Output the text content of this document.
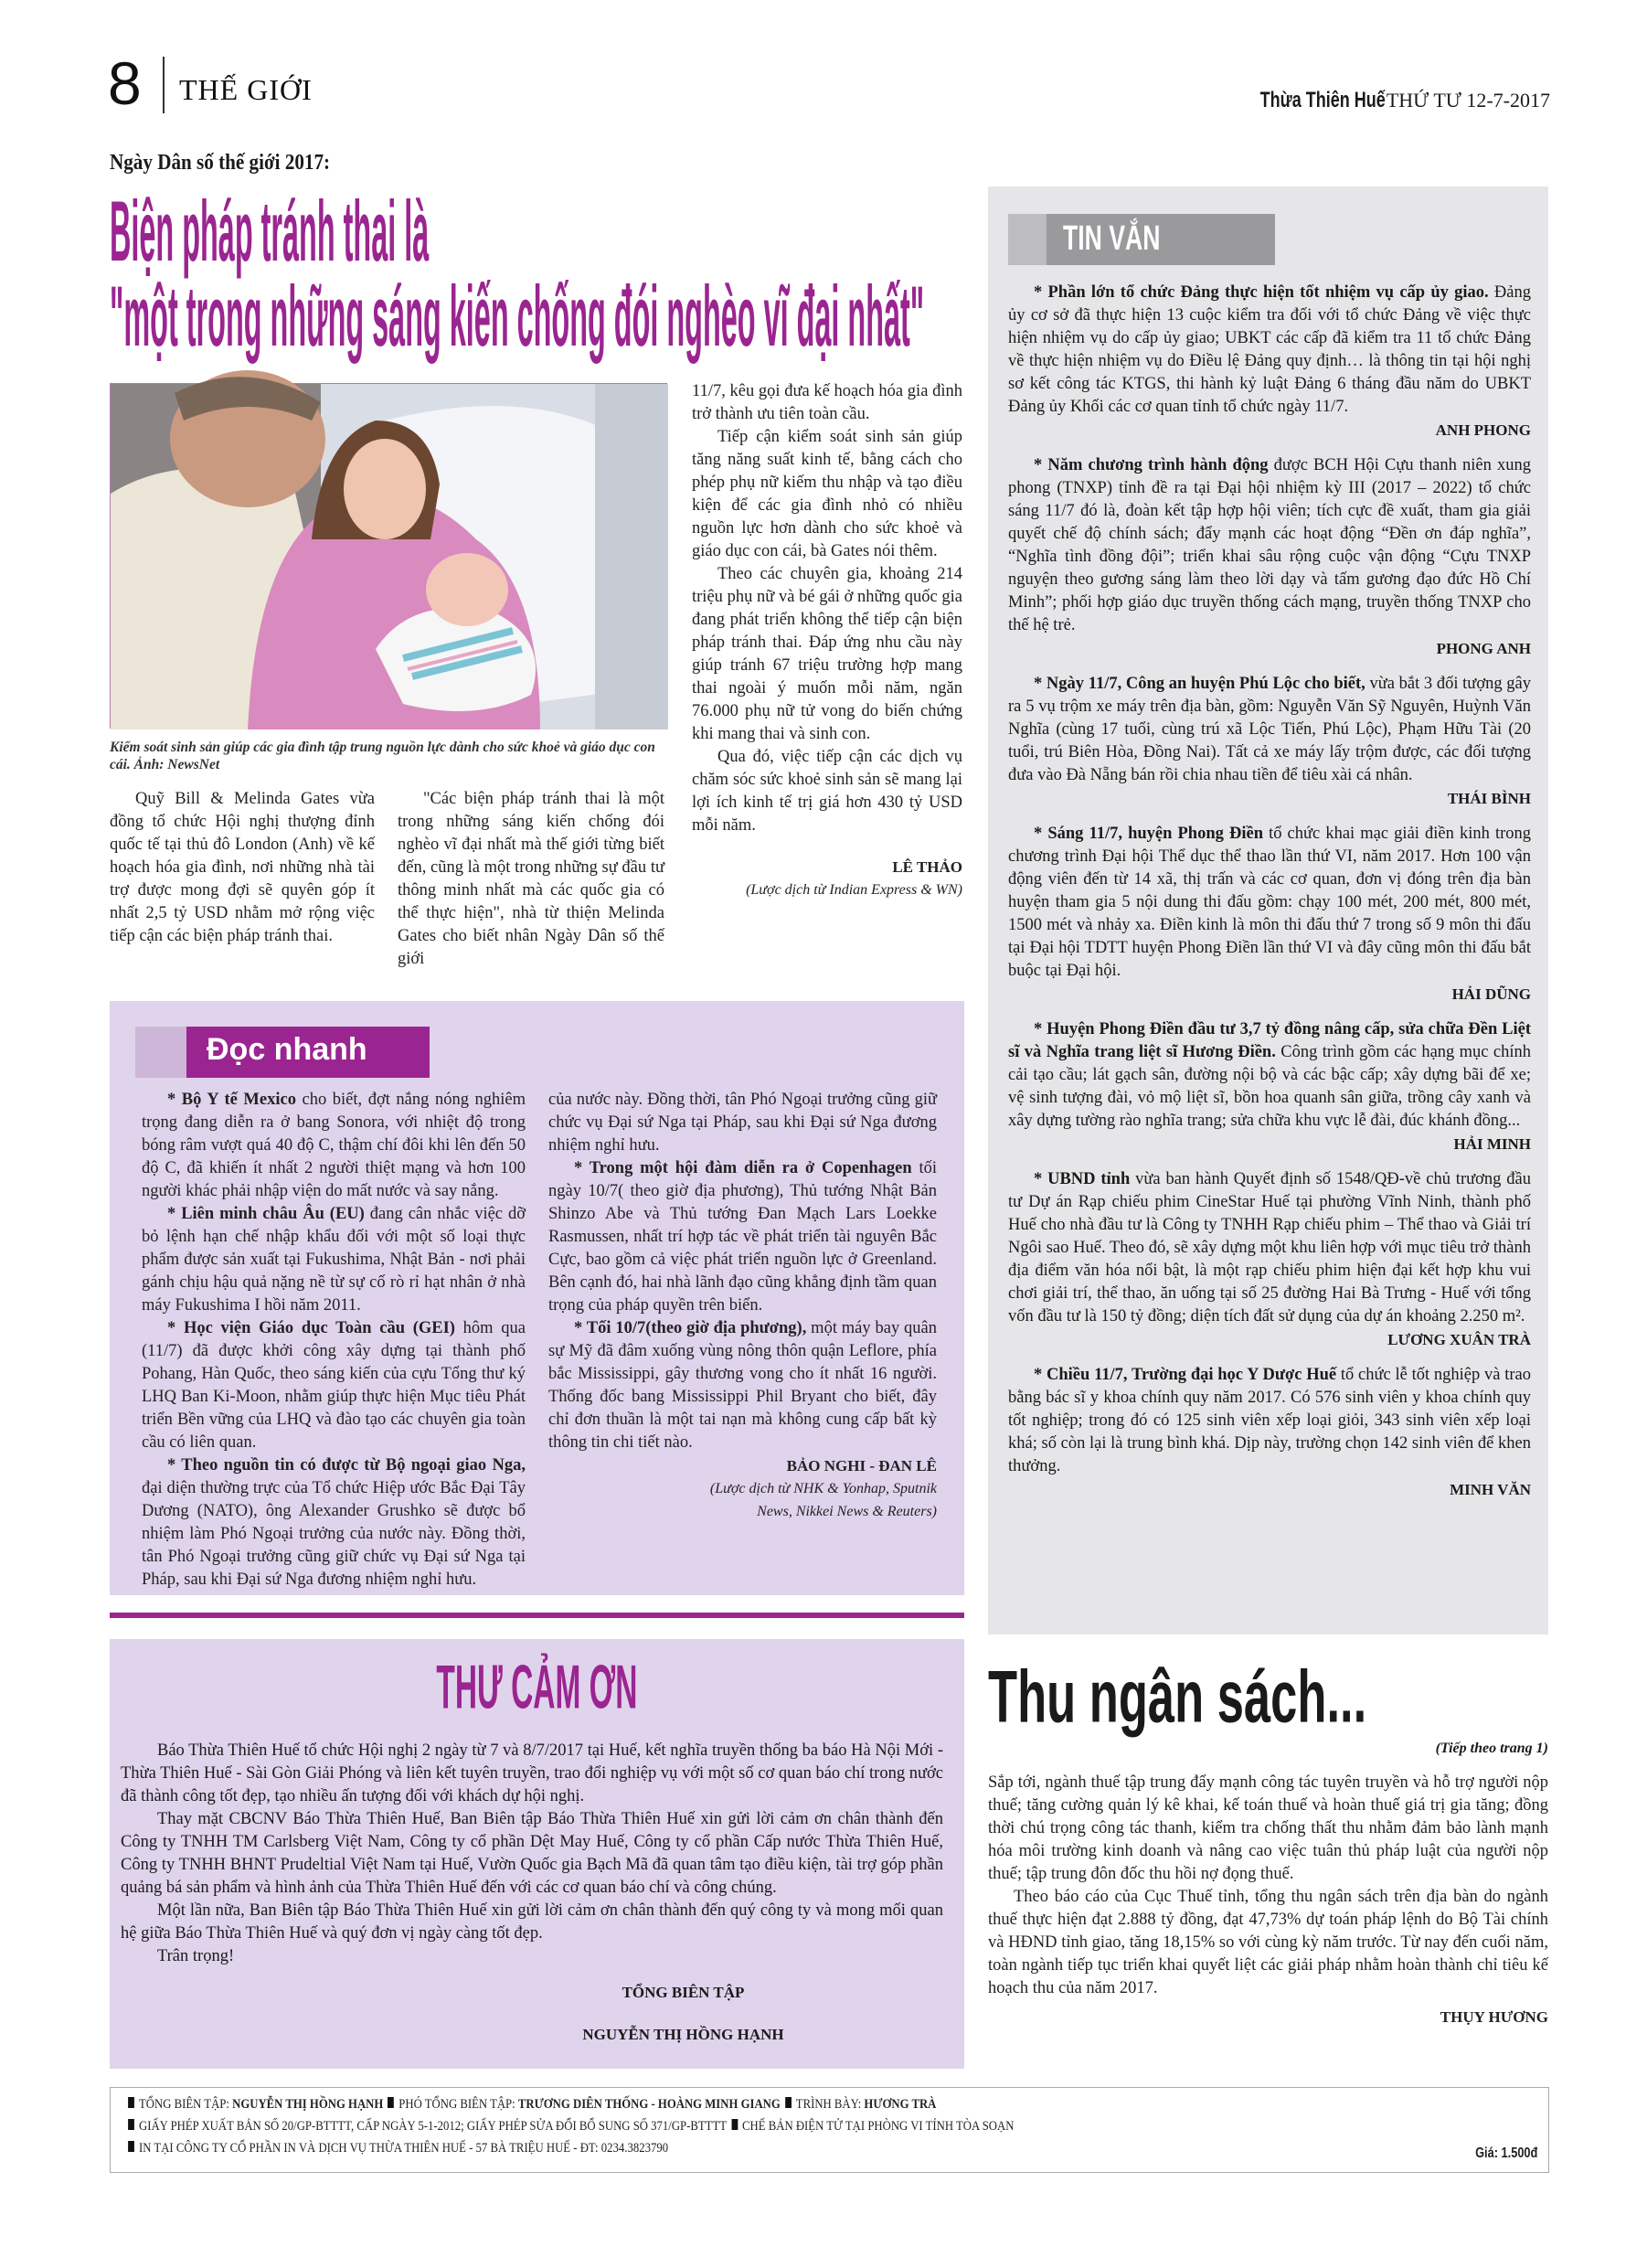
8 THẾ GIỚI	Thừa Thiên Huế THỨ TƯ 12-7-2017
Ngày Dân số thế giới 2017:
Biện pháp tránh thai là
"một trong những sáng kiến chống đói nghèo vĩ đại nhất"
Kiểm soát sinh sản giúp các gia đình tập trung nguồn lực dành cho sức khoẻ và giáo dục con cái. Ảnh: NewsNet

Quỹ Bill & Melinda Gates vừa đồng tổ chức Hội nghị thượng đỉnh quốc tế tại thủ đô London (Anh) về kế hoạch hóa gia đình, nơi những nhà tài trợ được mong đợi sẽ quyên góp ít nhất 2,5 tỷ USD nhằm mở rộng việc tiếp cận các biện pháp tránh thai.

"Các biện pháp tránh thai là một trong những sáng kiến chống đói nghèo vĩ đại nhất mà thế giới từng biết đến, cũng là một trong những sự đầu tư thông minh nhất mà các quốc gia có thể thực hiện", nhà từ thiện Melinda Gates cho biết nhân Ngày Dân số thế giới

11/7, kêu gọi đưa kế hoạch hóa gia đình trở thành ưu tiên toàn cầu.

Tiếp cận kiểm soát sinh sản giúp tăng năng suất kinh tế, bằng cách cho phép phụ nữ kiếm thu nhập và tạo điều kiện để các gia đình nhỏ có nhiều nguồn lực hơn dành cho sức khoẻ và giáo dục con cái, bà Gates nói thêm.

Theo các chuyên gia, khoảng 214 triệu phụ nữ và bé gái ở những quốc gia đang phát triển không thể tiếp cận biện pháp tránh thai. Đáp ứng nhu cầu này giúp tránh 67 triệu trường hợp mang thai ngoài ý muốn mỗi năm, ngăn 76.000 phụ nữ tử vong do biến chứng khi mang thai và sinh con.

Qua đó, việc tiếp cận các dịch vụ chăm sóc sức khoẻ sinh sản sẽ mang lại lợi ích kinh tế trị giá hơn 430 tỷ USD mỗi năm.

LÊ THẢO
(Lược dịch từ Indian Express & WN)
Đọc nhanh

* Bộ Y tế Mexico cho biết, đợt nắng nóng nghiêm trọng đang diễn ra ở bang Sonora, với nhiệt độ trong bóng râm vượt quá 40 độ C, thậm chí đôi khi lên đến 50 độ C, đã khiến ít nhất 2 người thiệt mạng và hơn 100 người khác phải nhập viện do mất nước và say nắng.

* Liên minh châu Âu (EU) đang cân nhắc việc dỡ bỏ lệnh hạn chế nhập khẩu đối với một số loại thực phẩm được sản xuất tại Fukushima, Nhật Bản - nơi phải gánh chịu hậu quả nặng nề từ sự cố rò rỉ hạt nhân ở nhà máy Fukushima I hồi năm 2011.

* Học viện Giáo dục Toàn cầu (GEI) hôm qua (11/7) đã được khởi công xây dựng tại thành phố Pohang, Hàn Quốc, theo sáng kiến của cựu Tổng thư ký LHQ Ban Ki-Moon, nhằm giúp thực hiện Mục tiêu Phát triển Bền vững của LHQ và đào tạo các chuyên gia toàn cầu có liên quan.

* Theo nguồn tin có được từ Bộ ngoại giao Nga, đại diện thường trực của Tổ chức Hiệp ước Bắc Đại Tây Dương (NATO), ông Alexander Grushko sẽ được bổ nhiệm làm Phó Ngoại trưởng của nước này. Đồng thời, tân Phó Ngoại trưởng cũng giữ chức vụ Đại sứ Nga tại Pháp, sau khi Đại sứ Nga đương nhiệm nghỉ hưu.

của nước này. Đồng thời, tân Phó Ngoại trưởng cũng giữ chức vụ Đại sứ Nga tại Pháp, sau khi Đại sứ Nga đương nhiệm nghỉ hưu.

* Trong một hội đàm diễn ra ở Copenhagen tối ngày 10/7( theo giờ địa phương), Thủ tướng Nhật Bản Shinzo Abe và Thủ tướng Đan Mạch Lars Loekke Rasmussen, nhất trí hợp tác về phát triển tài nguyên Bắc Cực, bao gồm cả việc phát triển nguồn lực ở Greenland. Bên cạnh đó, hai nhà lãnh đạo cũng khẳng định tầm quan trọng của pháp quyền trên biển.

* Tối 10/7(theo giờ địa phương), một máy bay quân sự Mỹ đã đâm xuống vùng nông thôn quận Leflore, phía bắc Mississippi, gây thương vong cho ít nhất 16 người. Thống đốc bang Mississippi Phil Bryant cho biết, đây chỉ đơn thuần là một tai nạn mà không cung cấp bất kỳ thông tin chi tiết nào.

BẢO NGHI - ĐAN LÊ
(Lược dịch từ NHK & Yonhap, Sputnik News, Nikkei News & Reuters)
TIN VẮN

* Phần lớn tổ chức Đảng thực hiện tốt nhiệm vụ cấp ủy giao. Đảng ủy cơ sở đã thực hiện 13 cuộc kiểm tra đối với tổ chức Đảng về việc thực hiện nhiệm vụ do cấp ủy giao; UBKT các cấp đã kiểm tra 11 tổ chức Đảng về thực hiện nhiệm vụ do Điều lệ Đảng quy định… là thông tin tại hội nghị sơ kết công tác KTGS, thi hành kỷ luật Đảng 6 tháng đầu năm do UBKT Đảng ủy Khối các cơ quan tỉnh tổ chức ngày 11/7.

ANH PHONG

* Năm chương trình hành động được BCH Hội Cựu thanh niên xung phong (TNXP) tỉnh đề ra tại Đại hội nhiệm kỳ III (2017 – 2022) tổ chức sáng 11/7 đó là, đoàn kết tập hợp hội viên; tích cực đề xuất, tham gia giải quyết chế độ chính sách; đẩy mạnh các hoạt động “Đền ơn đáp nghĩa”, “Nghĩa tình đồng đội”; triển khai sâu rộng cuộc vận động “Cựu TNXP nguyện theo gương sáng làm theo lời dạy và tấm gương đạo đức Hồ Chí Minh”; phối hợp giáo dục truyền thống cách mạng, truyền thống TNXP cho thế hệ trẻ.

PHONG ANH

* Ngày 11/7, Công an huyện Phú Lộc cho biết, vừa bắt 3 đối tượng gây ra 5 vụ trộm xe máy trên địa bàn, gồm: Nguyễn Văn Sỹ Nguyên, Huỳnh Văn Nghĩa (cùng 17 tuổi, cùng trú xã Lộc Tiến, Phú Lộc), Phạm Hữu Tài (20 tuổi, trú Biên Hòa, Đồng Nai). Tất cả xe máy lấy trộm được, các đối tượng đưa vào Đà Nẵng bán rồi chia nhau tiền để tiêu xài cá nhân.

THÁI BÌNH

* Sáng 11/7, huyện Phong Điền tổ chức khai mạc giải điền kinh trong chương trình Đại hội Thể dục thể thao lần thứ VI, năm 2017. Hơn 100 vận động viên đến từ 14 xã, thị trấn và các cơ quan, đơn vị đóng trên địa bàn huyện tham gia 5 nội dung thi đấu gồm: chạy 100 mét, 200 mét, 800 mét, 1500 mét và nhảy xa. Điền kinh là môn thi đấu thứ 7 trong số 9 môn thi đấu tại Đại hội TDTT huyện Phong Điền lần thứ VI và đây cũng môn thi đấu bắt buộc tại Đại hội.

HẢI DŨNG

* Huyện Phong Điền đầu tư 3,7 tỷ đồng nâng cấp, sửa chữa Đền Liệt sĩ và Nghĩa trang liệt sĩ Hương Điền. Công trình gồm các hạng mục chính cải tạo cầu; lát gạch sân, đường nội bộ và các bậc cấp; xây dựng bãi để xe; vệ sinh tượng đài, vỏ mộ liệt sĩ, bồn hoa quanh sân giữa, trồng cây xanh và xây dựng tường rào nghĩa trang; sửa chữa khu vực lễ đài, đúc khánh đồng...

HẢI MINH

* UBND tỉnh vừa ban hành Quyết định số 1548/QĐ-về chủ trương đầu tư Dự án Rạp chiếu phim CineStar Huế tại phường Vĩnh Ninh, thành phố Huế cho nhà đầu tư là Công ty TNHH Rạp chiếu phim – Thể thao và Giải trí Ngôi sao Huế. Theo đó, sẽ xây dựng một khu liên hợp với mục tiêu trở thành địa điểm văn hóa nổi bật, là một rạp chiếu phim hiện đại kết hợp khu vui chơi giải trí, thể thao, ăn uống tại số 25 đường Hai Bà Trưng - Huế với tổng vốn đầu tư là 150 tỷ đồng; diện tích đất sử dụng của dự án khoảng 2.250 m².

LƯƠNG XUÂN TRÀ

* Chiều 11/7, Trường đại học Y Dược Huế tổ chức lễ tốt nghiệp và trao bằng bác sĩ y khoa chính quy năm 2017. Có 576 sinh viên y khoa chính quy tốt nghiệp; trong đó có 125 sinh viên xếp loại giỏi, 343 sinh viên xếp loại khá; số còn lại là trung bình khá. Dịp này, trường chọn 142 sinh viên để khen thưởng.

MINH VĂN
THƯ CẢM ƠN

Báo Thừa Thiên Huế tổ chức Hội nghị 2 ngày từ 7 và 8/7/2017 tại Huế, kết nghĩa truyền thống ba báo Hà Nội Mới - Thừa Thiên Huế - Sài Gòn Giải Phóng và liên kết tuyên truyền, trao đổi nghiệp vụ với một số cơ quan báo chí trong nước đã thành công tốt đẹp, tạo nhiều ấn tượng đối với khách dự hội nghị.

Thay mặt CBCNV Báo Thừa Thiên Huế, Ban Biên tập Báo Thừa Thiên Huế xin gửi lời cảm ơn chân thành đến Công ty TNHH TM Carlsberg Việt Nam, Công ty cổ phần Dệt May Huế, Công ty cổ phần Cấp nước Thừa Thiên Huế, Công ty TNHH BHNT Prudeltial Việt Nam tại Huế, Vườn Quốc gia Bạch Mã đã quan tâm tạo điều kiện, tài trợ góp phần quảng bá sản phẩm và hình ảnh của Thừa Thiên Huế đến với các cơ quan báo chí và công chúng.

Một lần nữa, Ban Biên tập Báo Thừa Thiên Huế xin gửi lời cảm ơn chân thành đến quý công ty và mong mối quan hệ giữa Báo Thừa Thiên Huế và quý đơn vị ngày càng tốt đẹp.

Trân trọng!

TỔNG BIÊN TẬP
NGUYỄN THỊ HỒNG HẠNH
Thu ngân sách...
(Tiếp theo trang 1)

Sắp tới, ngành thuế tập trung đẩy mạnh công tác tuyên truyền và hỗ trợ người nộp thuế; tăng cường quản lý kê khai, kế toán thuế và hoàn thuế giá trị gia tăng; đồng thời chú trọng công tác thanh, kiểm tra chống thất thu nhằm đảm bảo lành mạnh hóa môi trường kinh doanh và nâng cao việc tuân thủ pháp luật của người nộp thuế; tập trung đôn đốc thu hồi nợ đọng thuế.

Theo báo cáo của Cục Thuế tỉnh, tổng thu ngân sách trên địa bàn do ngành thuế thực hiện đạt 2.888 tỷ đồng, đạt 47,73% dự toán pháp lệnh do Bộ Tài chính và HĐND tỉnh giao, tăng 18,15% so với cùng kỳ năm trước. Từ nay đến cuối năm, toàn ngành tiếp tục triển khai quyết liệt các giải pháp nhằm hoàn thành chỉ tiêu kế hoạch thu của năm 2017.

THỤY HƯƠNG
TỔNG BIÊN TẬP: NGUYỄN THỊ HỒNG HẠNH PHÓ TỔNG BIÊN TẬP: TRƯƠNG DIÊN THỐNG - HOÀNG MINH GIANG TRÌNH BÀY: HƯƠNG TRÀ
GIẤY PHÉP XUẤT BẢN SỐ 20/GP-BTTTT, CẤP NGÀY 5-1-2012; GIẤY PHÉP SỬA ĐỔI BỔ SUNG SỐ 371/GP-BTTTT CHẾ BẢN ĐIỆN TỬ TẠI PHÒNG VI TÍNH TÒA SOẠN
IN TẠI CÔNG TY CỔ PHẦN IN VÀ DỊCH VỤ THỪA THIÊN HUẾ - 57 BÀ TRIỆU HUẾ - ĐT: 0234.3823790	Giá: 1.500đ
